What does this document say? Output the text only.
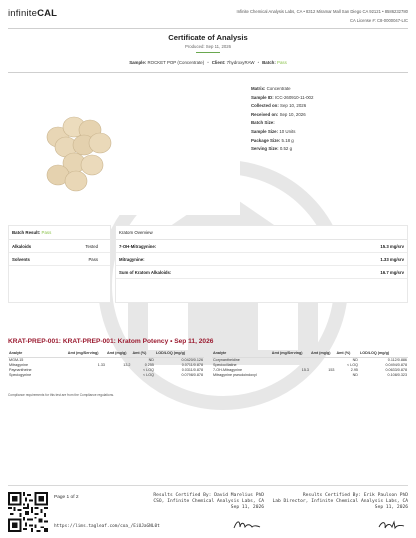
infiniteCAL	Infinite Chemical Analysis Labs, CA • 8312 Miramar Mall San Diego CA 92121 • 8586232780
CA License #: C8-0000047-LIC
Certificate of Analysis
Produced: Sep 11, 2026
Sample: ROCKET POP (Concentrate) • Client: 7hydroxyRAW • Batch: Pass
Matrix: Concentrate
Sample ID: ICC-260910-11-002
Collected on: Sep 10, 2026
Received on: Sep 10, 2026
Batch Size:
Sample Size: 10 Units
Package Size: 5.18 g
Serving Size: 0.52 g
Batch Result: Pass
Alkaloids	Tested
Solvents	Pass
Kratom Overview
7-OH-Mitragynine:	15.3 mg/srv
Mitragynine:	1.33 mg/srv
Sum of Kratom Alkaloids:	16.7 mg/srv
KRAT-PREP-001: KRAT-PREP-001: Kratom Potency • Sep 11, 2026
Analyte	Amt (mg/Serving)	Amt (mg/g)	Amt (%)	LOD/LOQ (mg/g)
MGM-15			ND	0.0420/0.126
Mitragynine	1.33	13.2	0.255	0.0711/0.878
Paynantheine			< LOQ	0.0311/0.878
Speciogynine			< LOQ	0.0798/0.878
Analyte	Amt (mg/Serving)	Amt (mg/g)	Amt (%)	LOD/LOQ (mg/g)
Corynantheidine			ND	0.112/0.886
Speciociliatine			< LOQ	0.0494/0.878
7-OH-Mitragynine	15.3	153	2.95	0.0633/0.878
Mitragynine pseudoindoxyl			ND	0.108/0.323
Compliance requirements for this test are from the Compliance regulations.
Page 1 of 2
https://lims.tagleaf.com/coa_/EiUJaGNL0t
Results Certified By: David Marelius PhD
CSO, Infinite Chemical Analysis Labs, CA
Sep 11, 2026
Results Certified By: Erik Paulson PhD
Lab Director, Infinite Chemical Analysis Labs, CA
Sep 11, 2026
